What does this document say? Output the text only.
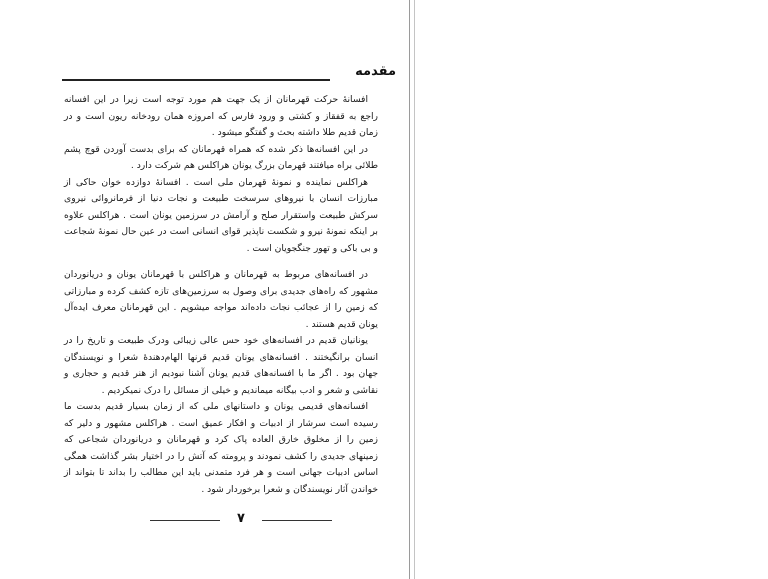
مقدمه

افسانهٔ حرکت قهرمانان از یک جهت هم مورد توجه است زیرا در این افسانه راجع به قفقاز و کشتی و ورود فارس که امروزه همان رودخانه ریون است و در زمان قدیم طلا داشته بحث و گفتگو میشود .

در این افسانه‌ها ذکر شده که همراه قهرمانان که برای بدست آوردن قوچ پشم طلائی براه میافتند قهرمان بزرگ یونان هراکلس هم شرکت دارد .

هراکلس نماینده و نمونهٔ قهرمان ملی است . افسانهٔ دوازده خوان حاکی از مبارزات انسان با نیروهای سرسخت طبیعت و نجات دنیا از فرمانروائی نیروی سرکش طبیعت واستقرار صلح و آرامش در سرزمین یونان است . هراکلس علاوه بر اینکه نمونهٔ نیرو و شکست ناپذیر قوای انسانی است در عین حال نمونهٔ شجاعت و بی باکی و تهور جنگجویان است .

در افسانه‌های مربوط به قهرمانان و هراکلس با قهرمانان یونان و دریانوردان مشهور که راه‌های جدیدی برای وصول به سرزمین‌های تازه کشف کرده و مبارزاتی که زمین را از عجائب نجات داده‌اند مواجه میشویم . این قهرمانان معرف ایده‌آل یونان قدیم هستند .

یونانیان قدیم در افسانه‌های خود حس عالی زیبائی ودرک طبیعت و تاریخ را در انسان برانگیختند . افسانه‌های یونان قدیم قرنها الهام‌دهندهٔ شعرا و نویسندگان جهان بود . اگر ما با افسانه‌های قدیم یونان آشنا نبودیم از هنر قدیم و حجاری و نقاشی و شعر و ادب بیگانه میماندیم و خیلی از مسائل را درک نمیکردیم .

افسانه‌های قدیمی یونان و داستانهای ملی که از زمان بسیار قدیم بدست ما رسیده است سرشار از ادبیات و افکار عمیق است . هراکلس مشهور و دلیر که زمین را از مخلوق خارق العاده پاک کرد و قهرمانان و دریانوردان شجاعی که زمینهای جدیدی را کشف نمودند و پرومته که آتش را در اختیار بشر گذاشت همگی اساس ادبیات جهانی است و هر فرد متمدنی باید این مطالب را بداند تا بتواند از خواندن آثار نویسندگان و شعرا برخوردار شود .

۷
